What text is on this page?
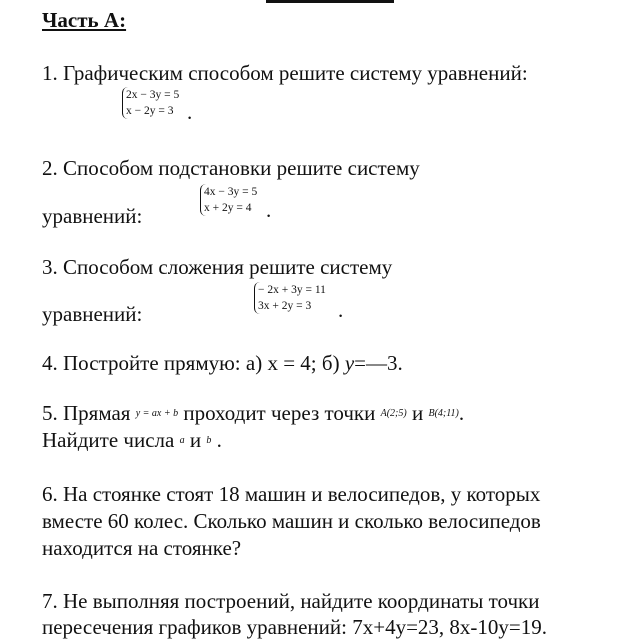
Часть А:
1. Графическим способом решите систему уравнений:
2x − 3y = 5
x − 2y = 3 .
2. Способом подстановки решите систему
уравнений:
4x − 3y = 5
x + 2y = 4 .
3. Способом сложения решите систему
уравнений:
− 2x + 3y = 11
3x + 2y = 3	.
4. Постройте прямую: а) x = 4; б) y=—3.
5. Прямая y = ax + b проходит через точки A(2;5) и B(4;11).
Найдите числа a и b .
6. На стоянке стоят 18 машин и велосипедов, у которых
вместе 60 колес. Сколько машин и сколько велосипедов
находится на стоянке?
7. Не выполняя построений, найдите координаты точки
пересечения графиков уравнений: 7x+4y=23, 8x-10y=19.
